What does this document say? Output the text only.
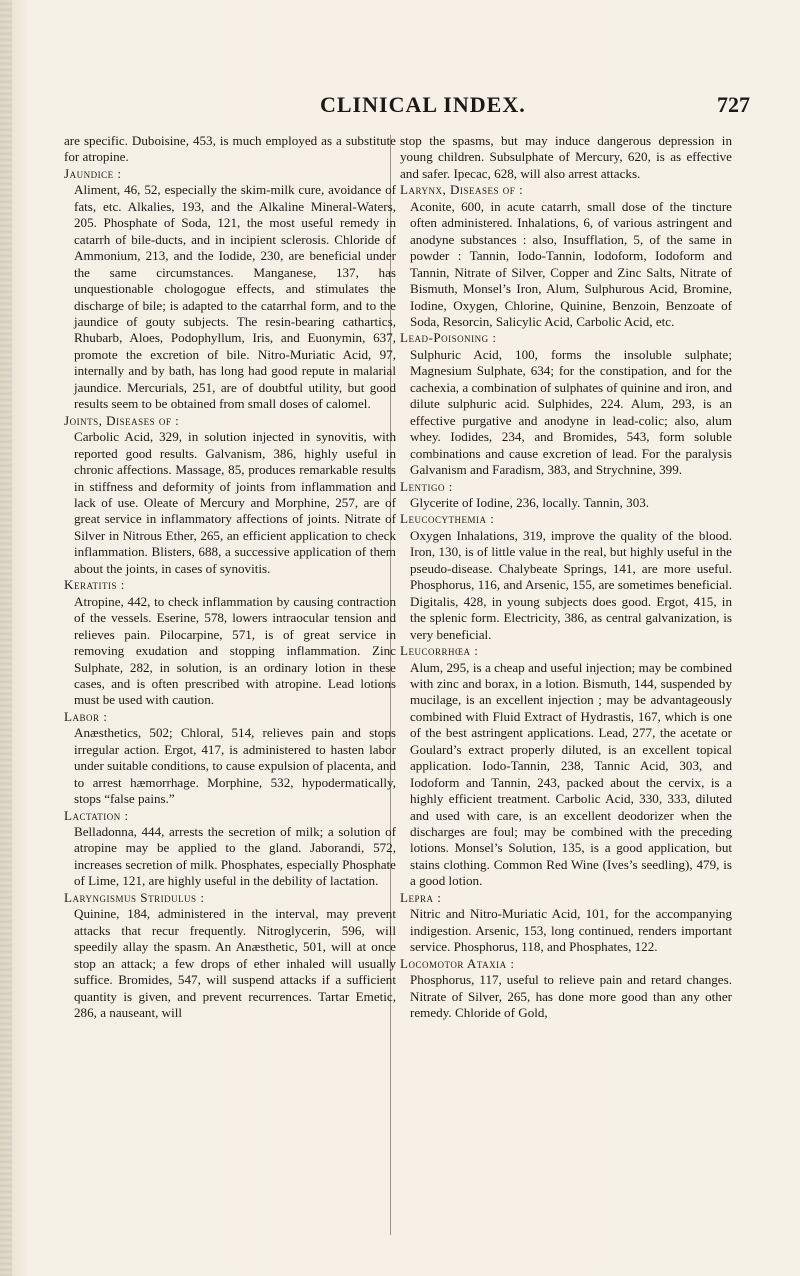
CLINICAL INDEX.	727

are specific. Duboisine, 453, is much employed as a substitute for atropine.

Jaundice :

Aliment, 46, 52, especially the skim-milk cure, avoidance of fats, etc. Alkalies, 193, and the Alkaline Mineral-Waters, 205. Phosphate of Soda, 121, the most useful remedy in catarrh of bile-ducts, and in incipient sclerosis. Chloride of Ammonium, 213, and the Iodide, 230, are beneficial under the same circumstances. Manganese, 137, has unquestionable chologogue effects, and stimulates the discharge of bile; is adapted to the catarrhal form, and to the jaundice of gouty subjects. The resin-bearing cathartics, Rhubarb, Aloes, Podophyllum, Iris, and Euonymin, 637, promote the excretion of bile. Nitro-Muriatic Acid, 97, internally and by bath, has long had good repute in malarial jaundice. Mercurials, 251, are of doubtful utility, but good results seem to be obtained from small doses of calomel.

Joints, Diseases of :

Carbolic Acid, 329, in solution injected in synovitis, with reported good results. Galvanism, 386, highly useful in chronic affections. Massage, 85, produces remarkable results in stiffness and deformity of joints from inflammation and lack of use. Oleate of Mercury and Morphine, 257, are of great service in inflammatory affections of joints. Nitrate of Silver in Nitrous Ether, 265, an efficient application to check inflammation. Blisters, 688, a successive application of them about the joints, in cases of synovitis.

Keratitis :

Atropine, 442, to check inflammation by causing contraction of the vessels. Eserine, 578, lowers intraocular tension and relieves pain. Pilocarpine, 571, is of great service in removing exudation and stopping inflammation. Zinc Sulphate, 282, in solution, is an ordinary lotion in these cases, and is often prescribed with atropine. Lead lotions must be used with caution.

Labor :

Anæsthetics, 502; Chloral, 514, relieves pain and stops irregular action. Ergot, 417, is administered to hasten labor under suitable conditions, to cause expulsion of placenta, and to arrest hæmorrhage. Morphine, 532, hypodermatically, stops “false pains.”

Lactation :

Belladonna, 444, arrests the secretion of milk; a solution of atropine may be applied to the gland. Jaborandi, 572, increases secretion of milk. Phosphates, especially Phosphate of Lime, 121, are highly useful in the debility of lactation.

Laryngismus Stridulus :

Quinine, 184, administered in the interval, may prevent attacks that recur frequently. Nitroglycerin, 596, will speedily allay the spasm. An Anæsthetic, 501, will at once stop an attack; a few drops of ether inhaled will usually suffice. Bromides, 547, will suspend attacks if a sufficient quantity is given, and prevent recurrences. Tartar Emetic, 286, a nauseant, will

stop the spasms, but may induce dangerous depression in young children. Subsulphate of Mercury, 620, is as effective and safer. Ipecac, 628, will also arrest attacks.

Larynx, Diseases of :

Aconite, 600, in acute catarrh, small dose of the tincture often administered. Inhalations, 6, of various astringent and anodyne substances : also, Insufflation, 5, of the same in powder : Tannin, Iodo-Tannin, Iodoform, Iodoform and Tannin, Nitrate of Silver, Copper and Zinc Salts, Nitrate of Bismuth, Monsel’s Iron, Alum, Sulphurous Acid, Bromine, Iodine, Oxygen, Chlorine, Quinine, Benzoin, Benzoate of Soda, Resorcin, Salicylic Acid, Carbolic Acid, etc.

Lead-Poisoning :

Sulphuric Acid, 100, forms the insoluble sulphate; Magnesium Sulphate, 634; for the constipation, and for the cachexia, a combination of sulphates of quinine and iron, and dilute sulphuric acid. Sulphides, 224. Alum, 293, is an effective purgative and anodyne in lead-colic; also, alum whey. Iodides, 234, and Bromides, 543, form soluble combinations and cause excretion of lead. For the paralysis Galvanism and Faradism, 383, and Strychnine, 399.

Lentigo :

Glycerite of Iodine, 236, locally. Tannin, 303.

Leucocythemia :

Oxygen Inhalations, 319, improve the quality of the blood. Iron, 130, is of little value in the real, but highly useful in the pseudo-disease. Chalybeate Springs, 141, are more useful. Phosphorus, 116, and Arsenic, 155, are sometimes beneficial. Digitalis, 428, in young subjects does good. Ergot, 415, in the splenic form. Electricity, 386, as central galvanization, is very beneficial.

Leucorrhœa :

Alum, 295, is a cheap and useful injection; may be combined with zinc and borax, in a lotion. Bismuth, 144, suspended by mucilage, is an excellent injection ; may be advantageously combined with Fluid Extract of Hydrastis, 167, which is one of the best astringent applications. Lead, 277, the acetate or Goulard’s extract properly diluted, is an excellent topical application. Iodo-Tannin, 238, Tannic Acid, 303, and Iodoform and Tannin, 243, packed about the cervix, is a highly efficient treatment. Carbolic Acid, 330, 333, diluted and used with care, is an excellent deodorizer when the discharges are foul; may be combined with the preceding lotions. Monsel’s Solution, 135, is a good application, but stains clothing. Common Red Wine (Ives’s seedling), 479, is a good lotion.

Lepra :

Nitric and Nitro-Muriatic Acid, 101, for the accompanying indigestion. Arsenic, 153, long continued, renders important service. Phosphorus, 118, and Phosphates, 122.

Locomotor Ataxia :

Phosphorus, 117, useful to relieve pain and retard changes. Nitrate of Silver, 265, has done more good than any other remedy. Chloride of Gold,
